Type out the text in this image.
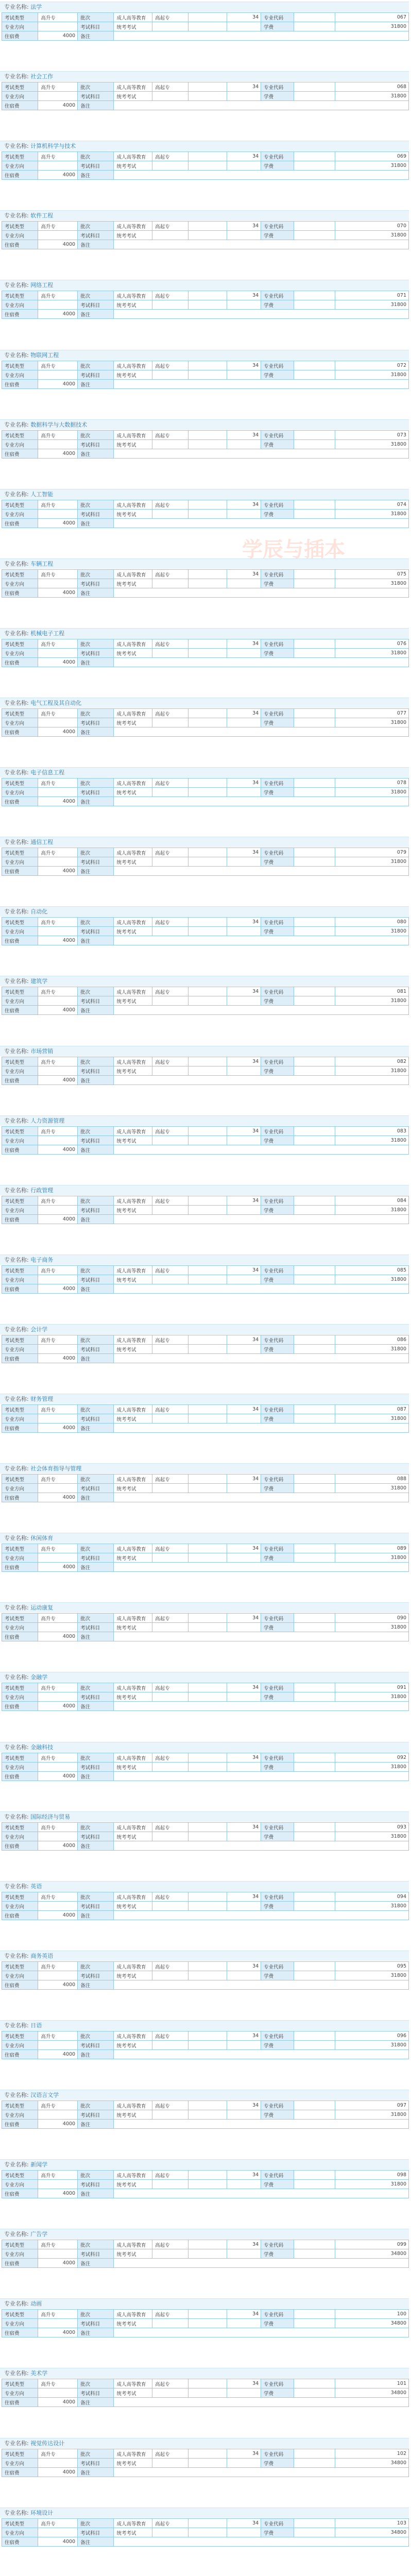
专业名称: 法学
考试类型	高升专	批次	成人高等教育	高起专		34	专业代码		067
专业方向		考试科目	统考考试				学费		31800
住宿费	4000	备注							
专业名称: 社会工作
考试类型	高升专	批次	成人高等教育	高起专		34	专业代码		068
专业方向		考试科目	统考考试				学费		31800
住宿费	4000	备注							
专业名称: 计算机科学与技术
考试类型	高升专	批次	成人高等教育	高起专		34	专业代码		069
专业方向		考试科目	统考考试				学费		31800
住宿费	4000	备注							
专业名称: 软件工程
考试类型	高升专	批次	成人高等教育	高起专		34	专业代码		070
专业方向		考试科目	统考考试				学费		31800
住宿费	4000	备注							
专业名称: 网络工程
考试类型	高升专	批次	成人高等教育	高起专		34	专业代码		071
专业方向		考试科目	统考考试				学费		31800
住宿费	4000	备注							
专业名称: 物联网工程
考试类型	高升专	批次	成人高等教育	高起专		34	专业代码		072
专业方向		考试科目	统考考试				学费		31800
住宿费	4000	备注							
专业名称: 数据科学与大数据技术
考试类型	高升专	批次	成人高等教育	高起专		34	专业代码		073
专业方向		考试科目	统考考试				学费		31800
住宿费	4000	备注							
专业名称: 人工智能
考试类型	高升专	批次	成人高等教育	高起专		34	专业代码		074
专业方向		考试科目	统考考试				学费		31800
住宿费	4000	备注							
专业名称: 车辆工程
考试类型	高升专	批次	成人高等教育	高起专		34	专业代码		075
专业方向		考试科目	统考考试				学费		31800
住宿费	4000	备注							
专业名称: 机械电子工程
考试类型	高升专	批次	成人高等教育	高起专		34	专业代码		076
专业方向		考试科目	统考考试				学费		31800
住宿费	4000	备注							
专业名称: 电气工程及其自动化
考试类型	高升专	批次	成人高等教育	高起专		34	专业代码		077
专业方向		考试科目	统考考试				学费		31800
住宿费	4000	备注							
专业名称: 电子信息工程
考试类型	高升专	批次	成人高等教育	高起专		34	专业代码		078
专业方向		考试科目	统考考试				学费		31800
住宿费	4000	备注							
专业名称: 通信工程
考试类型	高升专	批次	成人高等教育	高起专		34	专业代码		079
专业方向		考试科目	统考考试				学费		31800
住宿费	4000	备注							
专业名称: 自动化
考试类型	高升专	批次	成人高等教育	高起专		34	专业代码		080
专业方向		考试科目	统考考试				学费		31800
住宿费	4000	备注							
专业名称: 建筑学
考试类型	高升专	批次	成人高等教育	高起专		34	专业代码		081
专业方向		考试科目	统考考试				学费		31800
住宿费	4000	备注							
专业名称: 市场营销
考试类型	高升专	批次	成人高等教育	高起专		34	专业代码		082
专业方向		考试科目	统考考试				学费		31800
住宿费	4000	备注							
专业名称: 人力资源管理
考试类型	高升专	批次	成人高等教育	高起专		34	专业代码		083
专业方向		考试科目	统考考试				学费		31800
住宿费	4000	备注							
专业名称: 行政管理
考试类型	高升专	批次	成人高等教育	高起专		34	专业代码		084
专业方向		考试科目	统考考试				学费		31800
住宿费	4000	备注							
专业名称: 电子商务
考试类型	高升专	批次	成人高等教育	高起专		34	专业代码		085
专业方向		考试科目	统考考试				学费		31800
住宿费	4000	备注							
专业名称: 会计学
考试类型	高升专	批次	成人高等教育	高起专		34	专业代码		086
专业方向		考试科目	统考考试				学费		31800
住宿费	4000	备注							
专业名称: 财务管理
考试类型	高升专	批次	成人高等教育	高起专		34	专业代码		087
专业方向		考试科目	统考考试				学费		31800
住宿费	4000	备注							
专业名称: 社会体育指导与管理
考试类型	高升专	批次	成人高等教育	高起专		34	专业代码		088
专业方向		考试科目	统考考试				学费		31800
住宿费	4000	备注							
专业名称: 休闲体育
考试类型	高升专	批次	成人高等教育	高起专		34	专业代码		089
专业方向		考试科目	统考考试				学费		31800
住宿费	4000	备注							
专业名称: 运动康复
考试类型	高升专	批次	成人高等教育	高起专		34	专业代码		090
专业方向		考试科目	统考考试				学费		31800
住宿费	4000	备注							
专业名称: 金融学
考试类型	高升专	批次	成人高等教育	高起专		34	专业代码		091
专业方向		考试科目	统考考试				学费		31800
住宿费	4000	备注							
专业名称: 金融科技
考试类型	高升专	批次	成人高等教育	高起专		34	专业代码		092
专业方向		考试科目	统考考试				学费		31800
住宿费	4000	备注							
专业名称: 国际经济与贸易
考试类型	高升专	批次	成人高等教育	高起专		34	专业代码		093
专业方向		考试科目	统考考试				学费		31800
住宿费	4000	备注							
专业名称: 英语
考试类型	高升专	批次	成人高等教育	高起专		34	专业代码		094
专业方向		考试科目	统考考试				学费		31800
住宿费	4000	备注							
专业名称: 商务英语
考试类型	高升专	批次	成人高等教育	高起专		34	专业代码		095
专业方向		考试科目	统考考试				学费		31800
住宿费	4000	备注							
专业名称: 日语
考试类型	高升专	批次	成人高等教育	高起专		34	专业代码		096
专业方向		考试科目	统考考试				学费		31800
住宿费	4000	备注							
专业名称: 汉语言文学
考试类型	高升专	批次	成人高等教育	高起专		34	专业代码		097
专业方向		考试科目	统考考试				学费		31800
住宿费	4000	备注							
专业名称: 新闻学
考试类型	高升专	批次	成人高等教育	高起专		34	专业代码		098
专业方向		考试科目	统考考试				学费		31800
住宿费	4000	备注							
专业名称: 广告学
考试类型	高升专	批次	成人高等教育	高起专		34	专业代码		099
专业方向		考试科目	统考考试				学费		34800
住宿费	4000	备注							
专业名称: 动画
考试类型	高升专	批次	成人高等教育	高起专		34	专业代码		100
专业方向		考试科目	统考考试				学费		34800
住宿费	4000	备注							
专业名称: 美术学
考试类型	高升专	批次	成人高等教育	高起专		34	专业代码		101
专业方向		考试科目	统考考试				学费		34800
住宿费	4000	备注							
专业名称: 视觉传达设计
考试类型	高升专	批次	成人高等教育	高起专		34	专业代码		102
专业方向		考试科目	统考考试				学费		34800
住宿费	4000	备注							
专业名称: 环境设计
考试类型	高升专	批次	成人高等教育	高起专		34	专业代码		103
专业方向		考试科目	统考考试				学费		34800
住宿费	4000	备注							

学辰与插本
